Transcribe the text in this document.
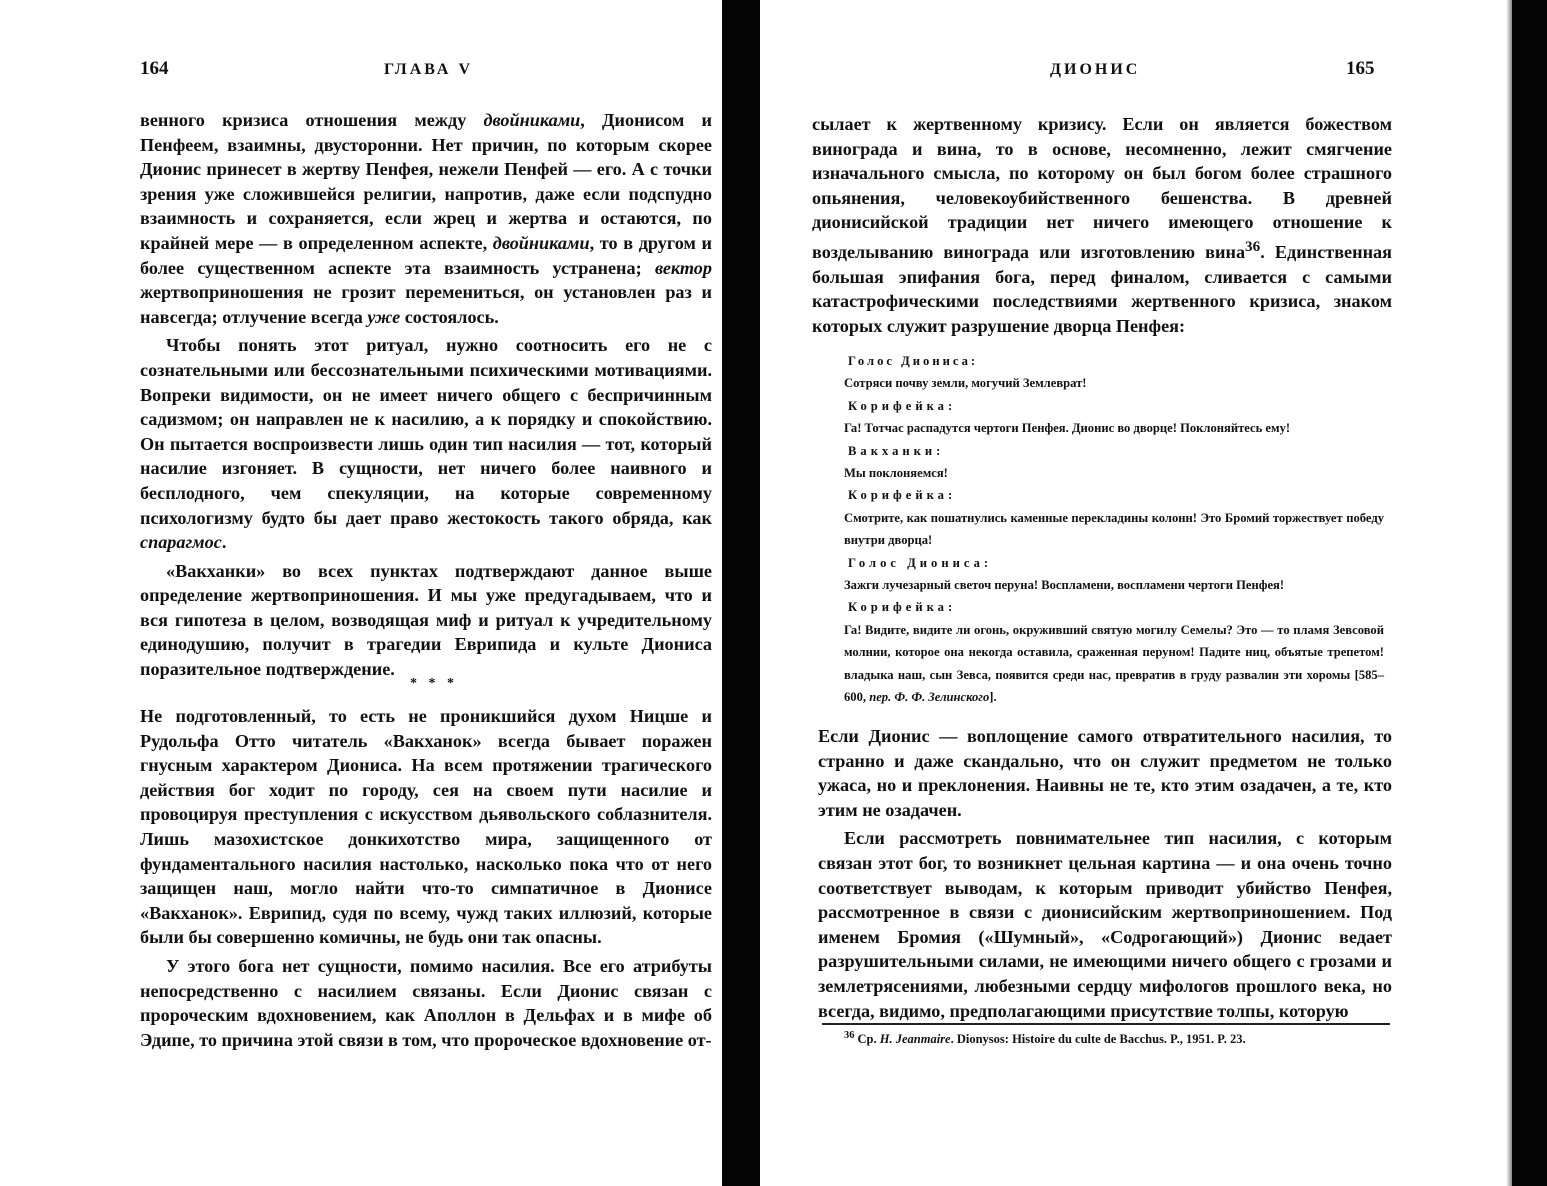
164	ГЛАВА V

венного кризиса отношения между двойниками, Дионисом и Пенфеем, взаимны, двусторонни. Нет причин, по которым скорее Дионис принесет в жертву Пенфея, нежели Пенфей — его. А с точки зрения уже сложившейся религии, напротив, даже если подспудно взаимность и сохраняется, если жрец и жертва и остаются, по крайней мере — в определенном аспекте, двойниками, то в другом и более существенном аспекте эта взаимность устранена; вектор жертвоприношения не грозит перемениться, он установлен раз и навсегда; отлучение всегда уже состоялось.

Чтобы понять этот ритуал, нужно соотносить его не с сознательными или бессознательными психическими мотивациями. Вопреки видимости, он не имеет ничего общего с беспричинным садизмом; он направлен не к насилию, а к порядку и спокойствию. Он пытается воспроизвести лишь один тип насилия — тот, который насилие изгоняет. В сущности, нет ничего более наивного и бесплодного, чем спекуляции, на которые современному психологизму будто бы дает право жестокость такого обряда, как спарагмос.

«Вакханки» во всех пунктах подтверждают данное выше определение жертвоприношения. И мы уже предугадываем, что и вся гипотеза в целом, возводящая миф и ритуал к учредительному единодушию, получит в трагедии Еврипида и культе Диониса поразительное подтверждение.

* * *

Не подготовленный, то есть не проникшийся духом Ницше и Рудольфа Отто читатель «Вакханок» всегда бывает поражен гнусным характером Диониса. На всем протяжении трагического действия бог ходит по городу, сея на своем пути насилие и провоцируя преступления с искусством дьявольского соблазнителя. Лишь мазохистское донкихотство мира, защищенного от фундаментального насилия настолько, насколько пока что от него защищен наш, могло найти что-то симпатичное в Дионисе «Вакханок». Еврипид, судя по всему, чужд таких иллюзий, которые были бы совершенно комичны, не будь они так опасны.

У этого бога нет сущности, помимо насилия. Все его атрибуты непосредственно с насилием связаны. Если Дионис связан с пророческим вдохновением, как Аполлон в Дельфах и в мифе об Эдипе, то причина этой связи в том, что пророческое вдохновение от-

ДИОНИС	165

сылает к жертвенному кризису. Если он является божеством винограда и вина, то в основе, несомненно, лежит смягчение изначального смысла, по которому он был богом более страшного опьянения, человекоубийственного бешенства. В древней дионисийской традиции нет ничего имеющего отношение к возделыванию винограда или изготовлению вина$^{36}$. Единственная большая эпифания бога, перед финалом, сливается с самыми катастрофическими последствиями жертвенного кризиса, знаком которых служит разрушение дворца Пенфея:

Голос Диониса:
Сотряси почву земли, могучий Землеврат!
Корифейка:
Га! Тотчас распадутся чертоги Пенфея. Дионис во дворце! Поклоняйтесь ему!
Вакханки:
Мы поклоняемся!
Корифейка:
Смотрите, как пошатнулись каменные перекладины колонн! Это Бромий торжествует победу внутри дворца!
Голос Диониса:
Зажги лучезарный светоч перуна! Воспламени, воспламени чертоги Пенфея!
Корифейка:
Га! Видите, видите ли огонь, окруживший святую могилу Семелы? Это — то пламя Зевсовой молнии, которое она некогда оставила, сраженная перуном! Падите ниц, объятые трепетом! владыка наш, сын Зевса, появится среди нас, превратив в груду развалин эти хоромы [585–600, пер. Ф. Ф. Зелинского].

Если Дионис — воплощение самого отвратительного насилия, то странно и даже скандально, что он служит предметом не только ужаса, но и преклонения. Наивны не те, кто этим озадачен, а те, кто этим не озадачен.

Если рассмотреть повнимательнее тип насилия, с которым связан этот бог, то возникнет цельная картина — и она очень точно соответствует выводам, к которым приводит убийство Пенфея, рассмотренное в связи с дионисийским жертвоприношением. Под именем Бромия («Шумный», «Содрогающий») Дионис ведает разрушительными силами, не имеющими ничего общего с грозами и землетрясениями, любезными сердцу мифологов прошлого века, но всегда, видимо, предполагающими присутствие толпы, которую

$^{36}$ Ср. H. Jeanmaire. Dionysos: Histoire du culte de Bacchus. P., 1951. P. 23.
